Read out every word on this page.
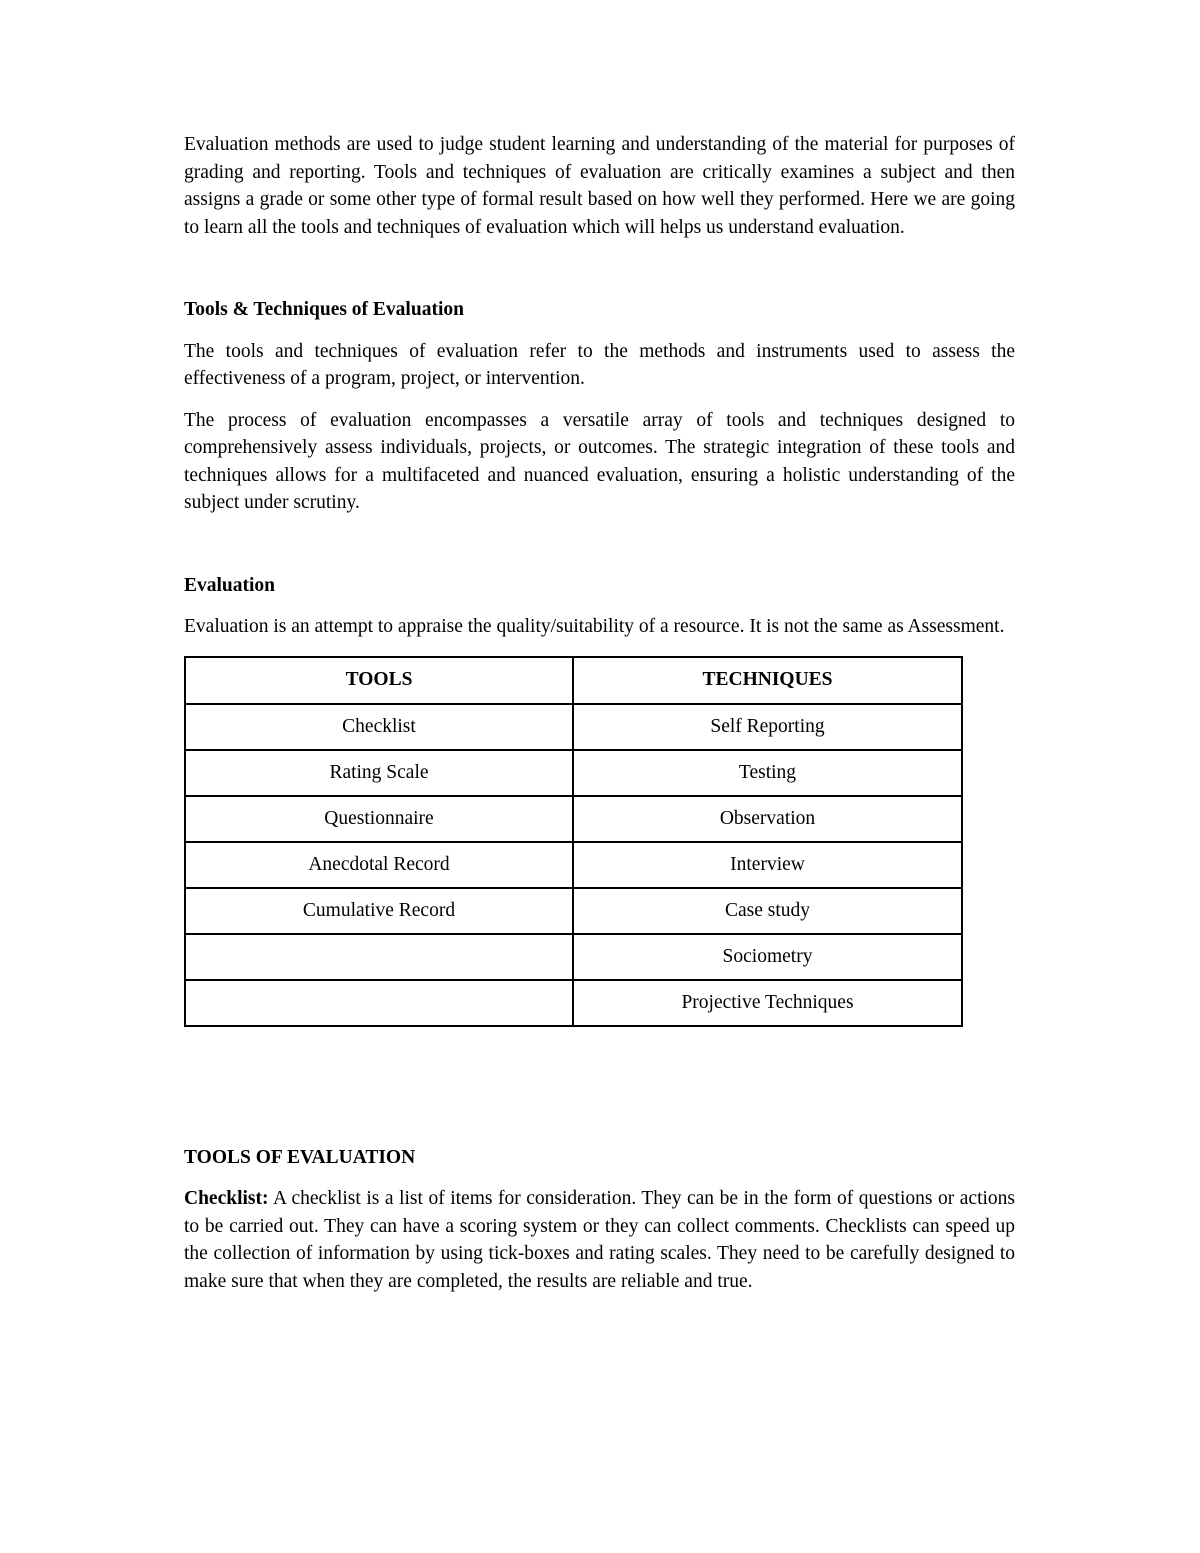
Evaluation methods are used to judge student learning and understanding of the material for purposes of grading and reporting. Tools and techniques of evaluation are critically examines a subject and then assigns a grade or some other type of formal result based on how well they performed. Here we are going to learn all the tools and techniques of evaluation which will helps us understand evaluation.

Tools & Techniques of Evaluation

The tools and techniques of evaluation refer to the methods and instruments used to assess the effectiveness of a program, project, or intervention.

The process of evaluation encompasses a versatile array of tools and techniques designed to comprehensively assess individuals, projects, or outcomes. The strategic integration of these tools and techniques allows for a multifaceted and nuanced evaluation, ensuring a holistic understanding of the subject under scrutiny.

Evaluation

Evaluation is an attempt to appraise the quality/suitability of a resource. It is not the same as Assessment.

TOOLS	TECHNIQUES
Checklist	Self Reporting
Rating Scale	Testing
Questionnaire	Observation
Anecdotal Record	Interview
Cumulative Record	Case study
	Sociometry
	Projective Techniques
TOOLS OF EVALUATION

Checklist: A checklist is a list of items for consideration. They can be in the form of questions or actions to be carried out. They can have a scoring system or they can collect comments. Checklists can speed up the collection of information by using tick-boxes and rating scales. They need to be carefully designed to make sure that when they are completed, the results are reliable and true.
